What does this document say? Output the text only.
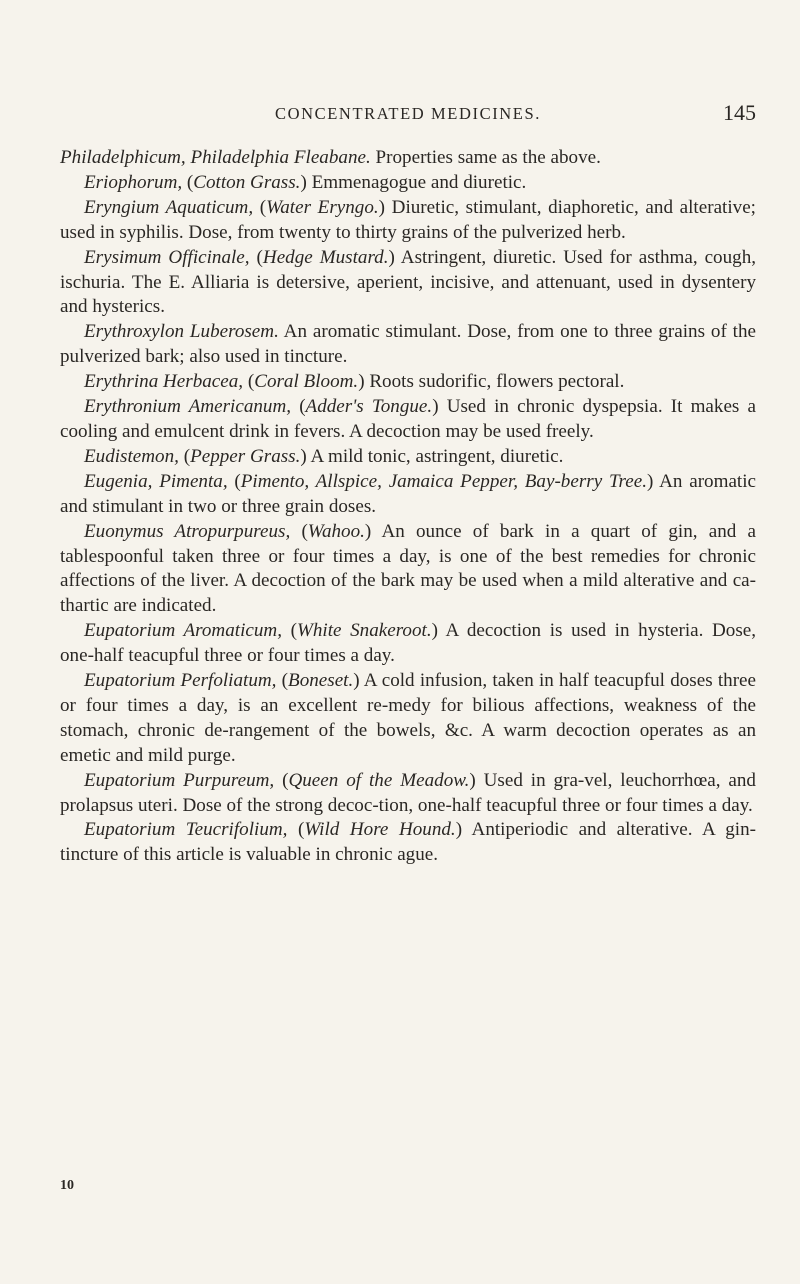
CONCENTRATED MEDICINES.	145

Philadelphicum, Philadelphia Fleabane. Properties same as the above.

Eriophorum, (Cotton Grass.) Emmenagogue and diuretic.

Eryngium Aquaticum, (Water Eryngo.) Diuretic, stimulant, diaphoretic, and alterative; used in syphilis. Dose, from twenty to thirty grains of the pulverized herb.

Erysimum Officinale, (Hedge Mustard.) Astringent, diuretic. Used for asthma, cough, ischuria. The E. Alliaria is detersive, aperient, incisive, and attenuant, used in dysentery and hysterics.

Erythroxylon Luberosem. An aromatic stimulant. Dose, from one to three grains of the pulverized bark; also used in tincture.

Erythrina Herbacea, (Coral Bloom.) Roots sudorific, flowers pectoral.

Erythronium Americanum, (Adder's Tongue.) Used in chronic dyspepsia. It makes a cooling and emulcent drink in fevers. A decoction may be used freely.

Eudistemon, (Pepper Grass.) A mild tonic, astringent, diuretic.

Eugenia, Pimenta, (Pimento, Allspice, Jamaica Pepper, Bay-berry Tree.) An aromatic and stimulant in two or three grain doses.

Euonymus Atropurpureus, (Wahoo.) An ounce of bark in a quart of gin, and a tablespoonful taken three or four times a day, is one of the best remedies for chronic affections of the liver. A decoction of the bark may be used when a mild alterative and ca-thartic are indicated.

Eupatorium Aromaticum, (White Snakeroot.) A decoction is used in hysteria. Dose, one-half teacupful three or four times a day.

Eupatorium Perfoliatum, (Boneset.) A cold infusion, taken in half teacupful doses three or four times a day, is an excellent re-medy for bilious affections, weakness of the stomach, chronic de-rangement of the bowels, &c. A warm decoction operates as an emetic and mild purge.

Eupatorium Purpureum, (Queen of the Meadow.) Used in gra-vel, leuchorrhœa, and prolapsus uteri. Dose of the strong decoc-tion, one-half teacupful three or four times a day.

Eupatorium Teucrifolium, (Wild Hore Hound.) Antiperiodic and alterative. A gin-tincture of this article is valuable in chronic ague.

10
